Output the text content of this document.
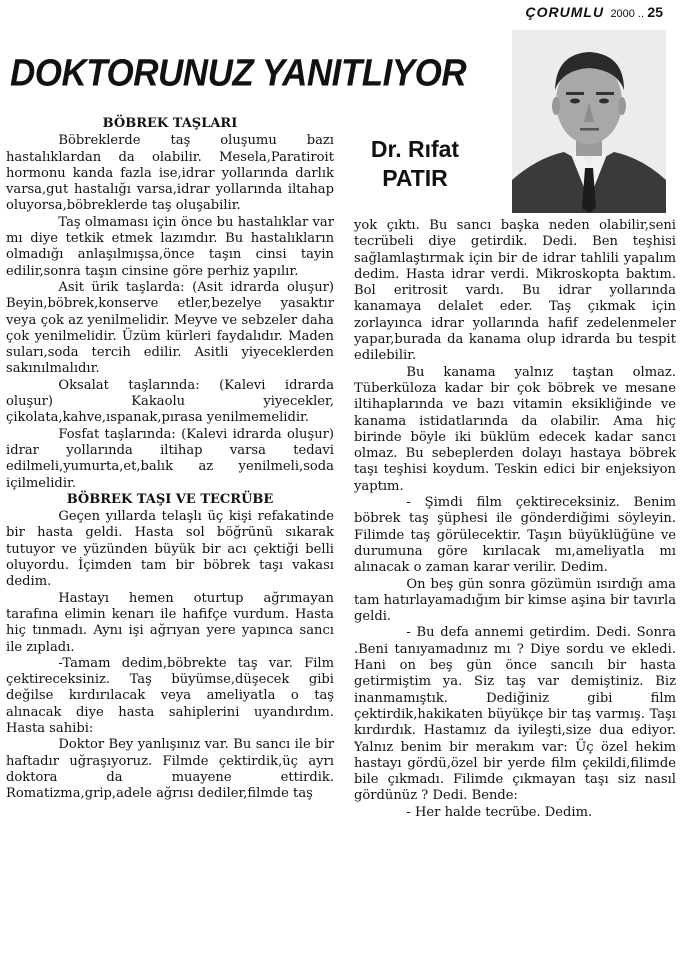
ÇORUMLU 2000 .. 25
DOKTORUNUZ YANITLIYOR
Dr. Rıfat
PATIR
BÖBREK TAŞLARI

Böbreklerde taş oluşumu bazı hastalıklardan da olabilir. Mesela,Paratiroit hormonu kanda fazla ise,idrar yollarında darlık varsa,gut hastalığı varsa,idrar yollarında iltahap oluyorsa,böbreklerde taş oluşabilir.

Taş olmaması için önce bu hastalıklar var mı diye tetkik etmek lazımdır. Bu hastalıkların olmadığı anlaşılmışsa,önce taşın cinsi tayin edilir,sonra taşın cinsine göre perhiz yapılır.

Asit ürik taşlarda: (Asit idrarda oluşur) Beyin,böbrek,konserve etler,bezelye yasaktır veya çok az yenilmelidir. Meyve ve sebzeler daha çok yenilmelidir. Üzüm kürleri faydalıdır. Maden suları,soda tercih edilir. Asitli yiyeceklerden sakınılmalıdır.

Oksalat taşlarında: (Kalevi idrarda oluşur) Kakaolu yiyecekler, çikolata,kahve,ıspanak,pırasa yenilmemelidir.

Fosfat taşlarında: (Kalevi idrarda oluşur) idrar yollarında iltihap varsa tedavi edilmeli,yumurta,et,balık az yenilmeli,soda içilmelidir.

BÖBREK TAŞI VE TECRÜBE

Geçen yıllarda telaşlı üç kişi refakatinde bir hasta geldi. Hasta sol böğrünü sıkarak tutuyor ve yüzünden büyük bir acı çektiği belli oluyordu. İçimden tam bir böbrek taşı vakası dedim.

Hastayı hemen oturtup ağrımayan tarafına elimin kenarı ile hafifçe vurdum. Hasta hiç tınmadı. Aynı işi ağrıyan yere yapınca sancı ile zıpladı.

-Tamam dedim,böbrekte taş var. Film çektireceksiniz. Taş büyümse,düşecek gibi değilse kırdırılacak veya ameliyatla o taş alınacak diye hasta sahiplerini uyandırdım. Hasta sahibi:

Doktor Bey yanlışınız var. Bu sancı ile bir haftadır uğraşıyoruz. Filmde çektirdik,üç ayrı doktora da muayene ettirdik. Romatizma,grip,adele ağrısı dediler,filmde taş

yok çıktı. Bu sancı başka neden olabilir,seni tecrübeli diye getirdik. Dedi. Ben teşhisi sağlamlaştırmak için bir de idrar tahlili yapalım dedim. Hasta idrar verdi. Mikroskopta baktım. Bol eritrosit vardı. Bu idrar yollarında kanamaya delalet eder. Taş çıkmak için zorlayınca idrar yollarında hafif zedelenmeler yapar,burada da kanama olup idrarda bu tespit edilebilir.

Bu kanama yalnız taştan olmaz. Tüberküloza kadar bir çok böbrek ve mesane iltihaplarında ve bazı vitamin eksikliğinde ve kanama istidatlarında da olabilir. Ama hiç birinde böyle iki büklüm edecek kadar sancı olmaz. Bu sebeplerden dolayı hastaya böbrek taşı teşhisi koydum. Teskin edici bir enjeksiyon yaptım.

- Şimdi film çektireceksiniz. Benim böbrek taş şüphesi ile gönderdiğimi söyleyin. Filimde taş görülecektir. Taşın büyüklüğüne ve durumuna göre kırılacak mı,ameliyatla mı alınacak o zaman karar verilir. Dedim.

On beş gün sonra gözümün ısırdığı ama tam hatırlayamadığım bir kimse aşina bir tavırla geldi.

- Bu defa annemi getirdim. Dedi. Sonra .Beni tanıyamadınız mı ? Diye sordu ve ekledi. Hani on beş gün önce sancılı bir hasta getirmiştim ya. Siz taş var demiştiniz. Biz inanmamıştık. Dediğiniz gibi film çektirdik,hakikaten büyükçe bir taş varmış. Taşı kırdırdık. Hastamız da iyileşti,size dua ediyor. Yalnız benim bir merakım var: Üç özel hekim hastayı gördü,özel bir yerde film çekildi,filimde bile çıkmadı. Filimde çıkmayan taşı siz nasıl gördünüz ? Dedi. Bende:

- Her halde tecrübe. Dedim.
